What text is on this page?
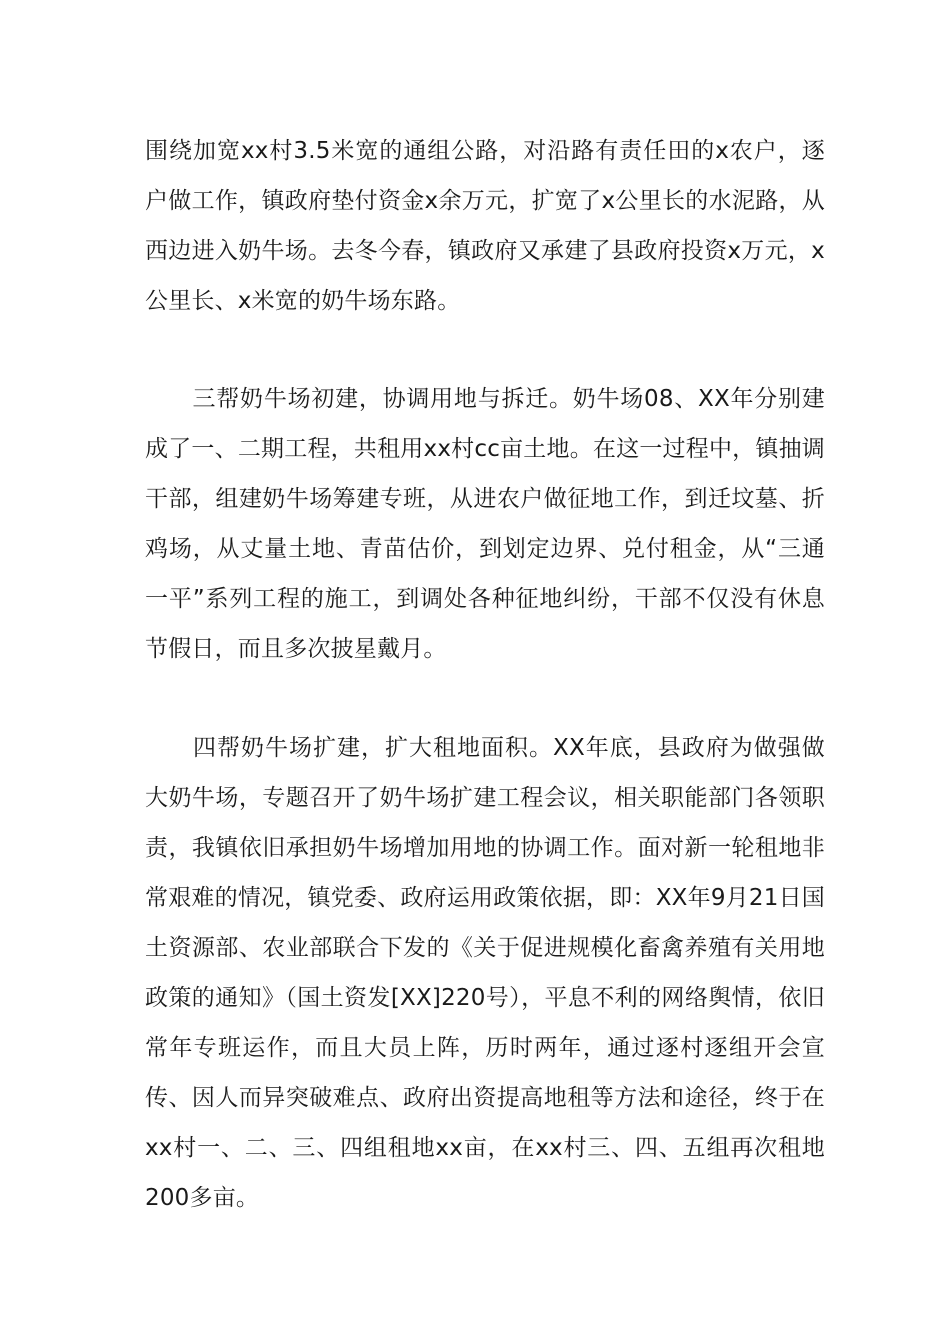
围绕加宽xx村3.5米宽的通组公路，对沿路有责任田的x农户，逐户做工作，镇政府垫付资金x余万元，扩宽了x公里长的水泥路，从西边进入奶牛场。去冬今春，镇政府又承建了县政府投资x万元，x公里长、x米宽的奶牛场东路。

　　三帮奶牛场初建，协调用地与拆迁。奶牛场08、XX年分别建成了一、二期工程，共租用xx村cc亩土地。在这一过程中，镇抽调干部，组建奶牛场筹建专班，从进农户做征地工作，到迁坟墓、折鸡场，从丈量土地、青苗估价，到划定边界、兑付租金，从“三通一平”系列工程的施工，到调处各种征地纠纷，干部不仅没有休息节假日，而且多次披星戴月。

　　四帮奶牛场扩建，扩大租地面积。XX年底，县政府为做强做大奶牛场，专题召开了奶牛场扩建工程会议，相关职能部门各领职责，我镇依旧承担奶牛场增加用地的协调工作。面对新一轮租地非常艰难的情况，镇党委、政府运用政策依据，即：XX年9月21日国土资源部、农业部联合下发的《关于促进规模化畜禽养殖有关用地政策的通知》（国土资发[XX]220号），平息不利的网络舆情，依旧常年专班运作，而且大员上阵，历时两年，通过逐村逐组开会宣传、因人而异突破难点、政府出资提高地租等方法和途径，终于在xx村一、二、三、四组租地xx亩，在xx村三、四、五组再次租地200多亩。
